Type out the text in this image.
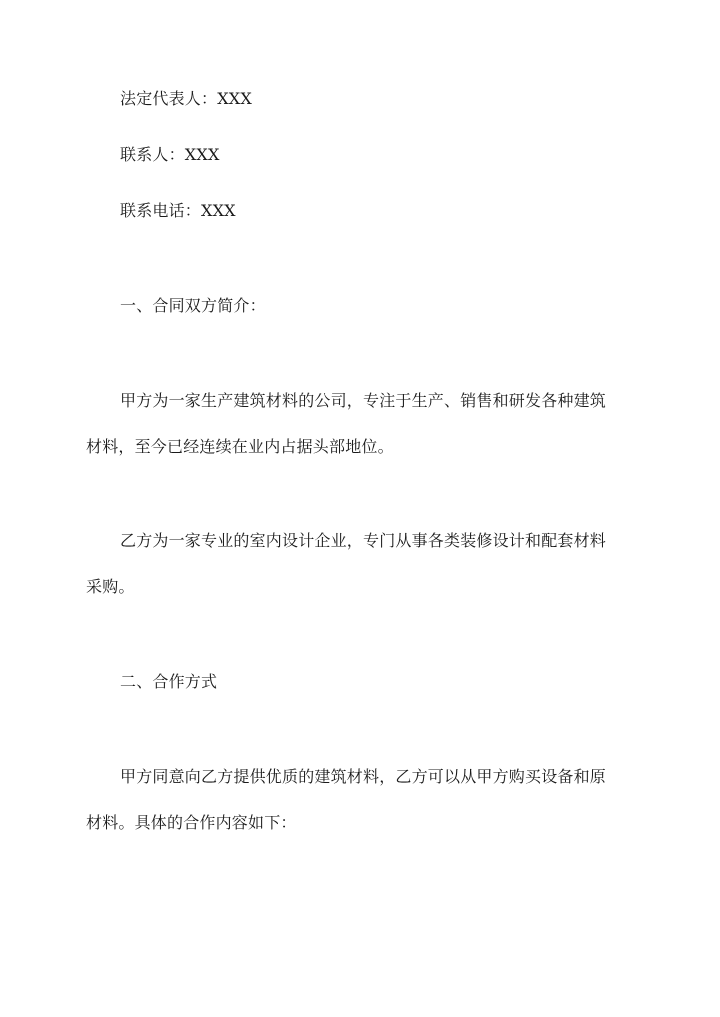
法定代表人：XXX
联系人：XXX
联系电话：XXX
一、合同双方简介：
甲方为一家生产建筑材料的公司，专注于生产、销售和研发各种建筑
材料，至今已经连续在业内占据头部地位。
乙方为一家专业的室内设计企业，专门从事各类装修设计和配套材料
采购。
二、合作方式
甲方同意向乙方提供优质的建筑材料，乙方可以从甲方购买设备和原
材料。具体的合作内容如下：
